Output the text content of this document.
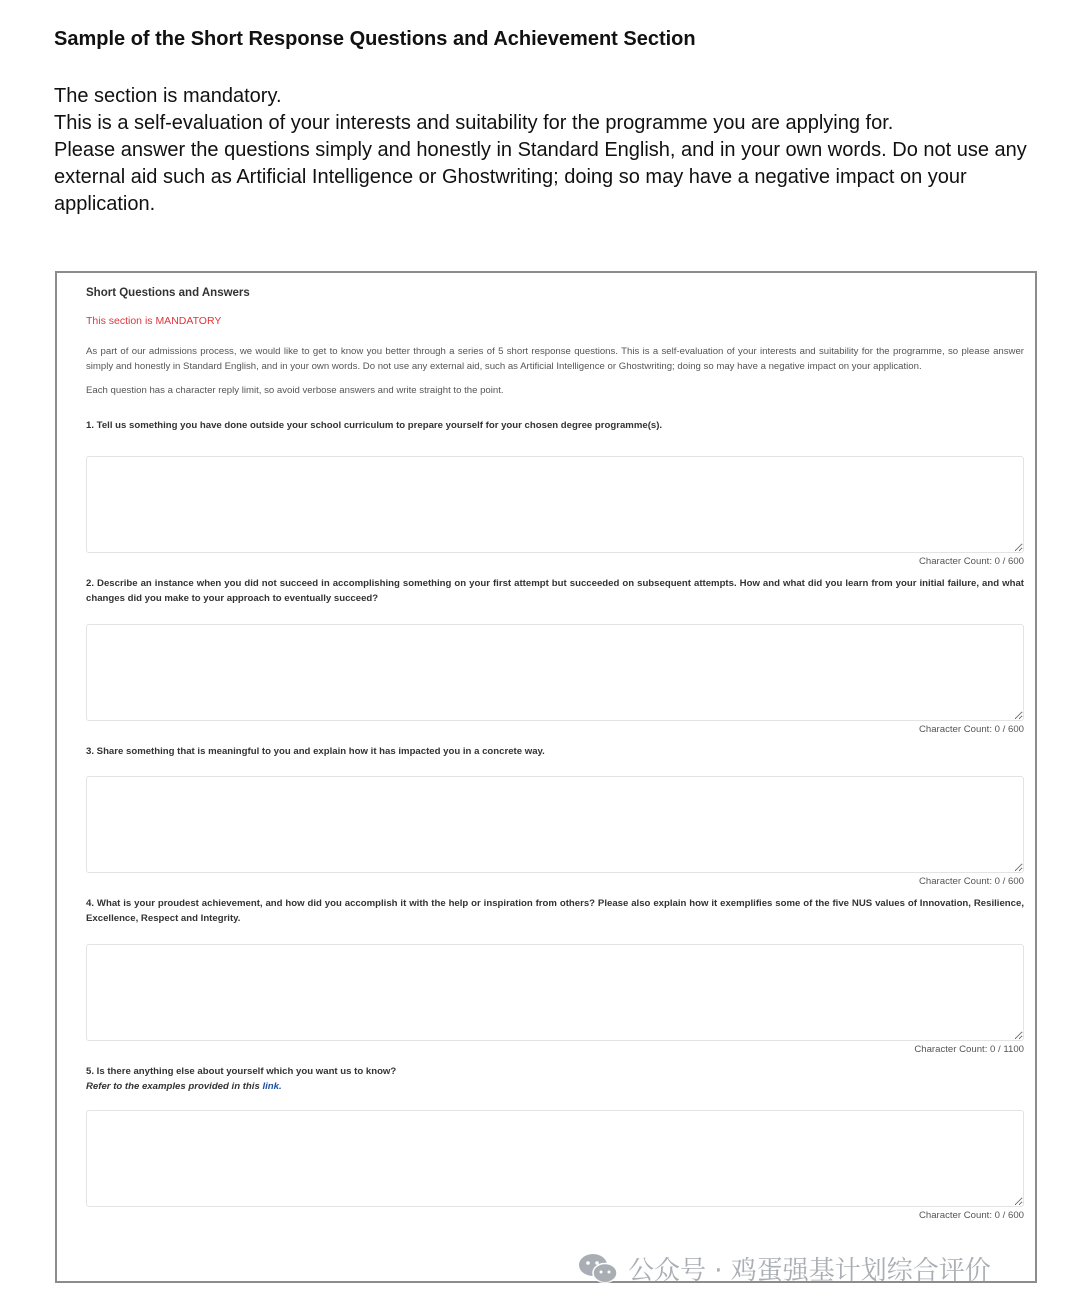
Sample of the Short Response Questions and Achievement Section

The section is mandatory.

This is a self-evaluation of your interests and suitability for the programme you are applying for.

Please answer the questions simply and honestly in Standard English, and in your own words. Do not use any

external aid such as Artificial Intelligence or Ghostwriting; doing so may have a negative impact on your

application.

Short Questions and Answers

This section is MANDATORY

As part of our admissions process, we would like to get to know you better through a series of 5 short response questions. This is a self-evaluation of your interests and suitability for the programme, so please answer simply and honestly in Standard English, and in your own words. Do not use any external aid, such as Artificial Intelligence or Ghostwriting; doing so may have a negative impact on your application.

Each question has a character reply limit, so avoid verbose answers and write straight to the point.

1. Tell us something you have done outside your school curriculum to prepare yourself for your chosen degree programme(s).

Character Count: 0 / 600

2. Describe an instance when you did not succeed in accomplishing something on your first attempt but succeeded on subsequent attempts. How and what did you learn from your initial failure, and what changes did you make to your approach to eventually succeed?

Character Count: 0 / 600

3. Share something that is meaningful to you and explain how it has impacted you in a concrete way.

Character Count: 0 / 600

4. What is your proudest achievement, and how did you accomplish it with the help or inspiration from others? Please also explain how it exemplifies some of the five NUS values of Innovation, Resilience, Excellence, Respect and Integrity.

Character Count: 0 / 1100

5. Is there anything else about yourself which you want us to know?

Refer to the examples provided in this link.

Character Count: 0 / 600
公众号 · 鸡蛋强基计划综合评价
